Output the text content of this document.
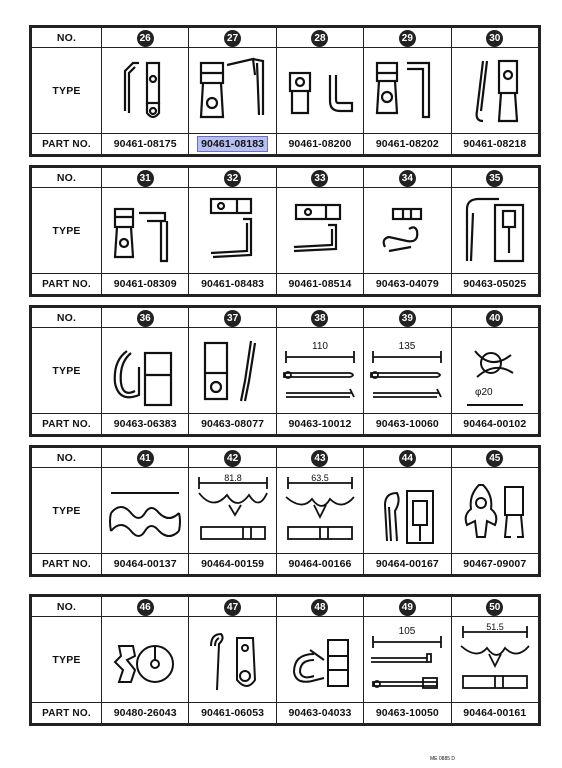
NO.	26	27	28	29	30
TYPE	

PART NO.	90461-08175	90461-08183	90461-08200	90461-08202	90461-08218
NO.	31	32	33	34	35
TYPE	

PART NO.	90461-08309	90461-08483	90461-08514	90463-04079	90463-05025
NO.	36	37	38	39	40
TYPE			110	135	φ20

PART NO.	90463-06383	90463-08077	90463-10012	90463-10060	90464-00102
NO.	41	42	43	44	45
TYPE		81.8	63.5

PART NO.	90464-00137	90464-00159	90464-00166	90464-00167	90467-09007
NO.	46	47	48	49	50
TYPE				105	51.5

PART NO.	90480-26043	90461-06053	90463-04033	90463-10050	90464-00161
ME 0885 D
